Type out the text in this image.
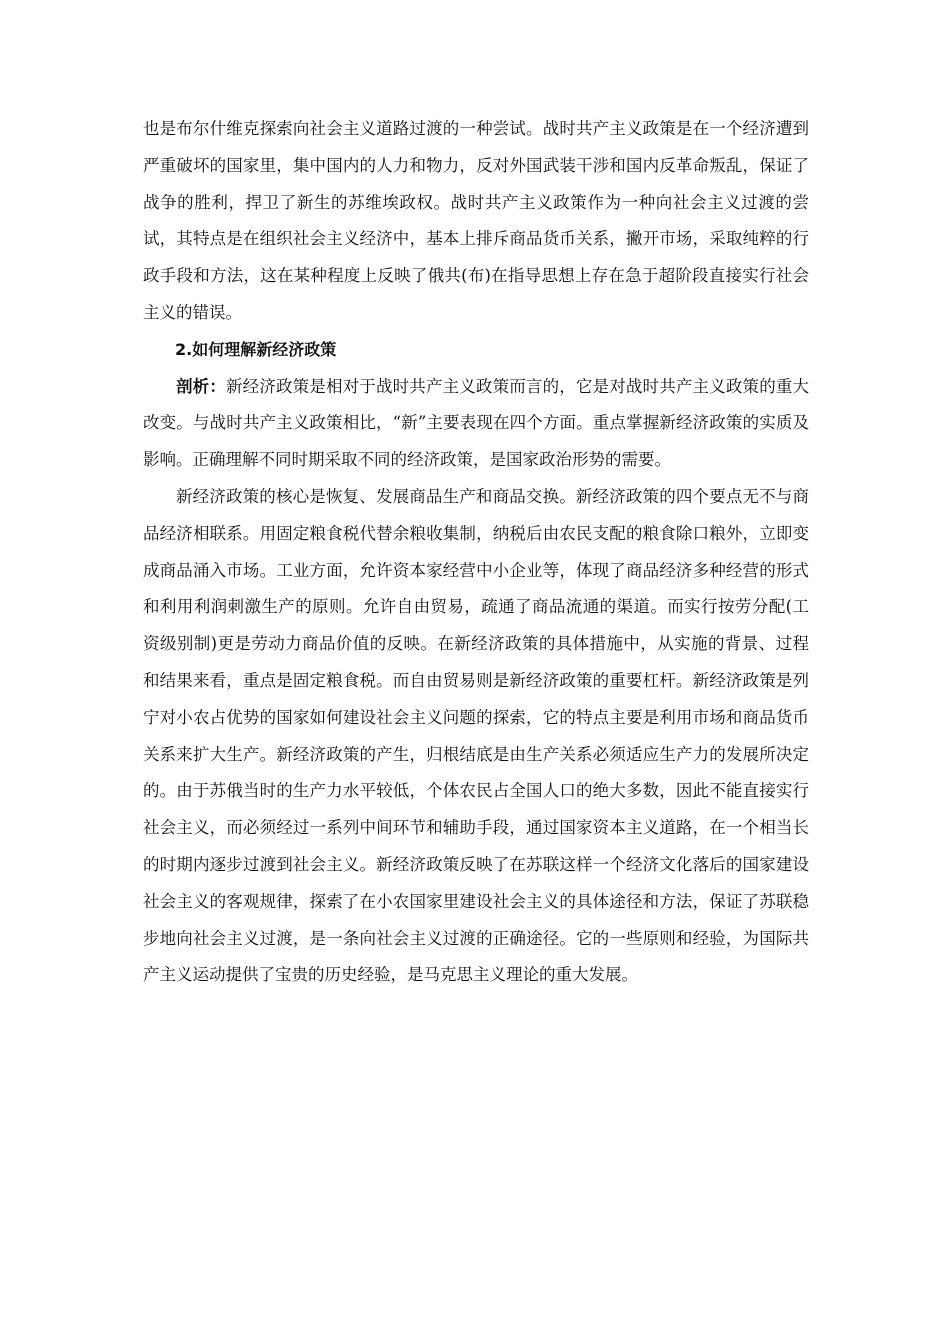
也是布尔什维克探索向社会主义道路过渡的一种尝试。战时共产主义政策是在一个经济遭到严重破坏的国家里，集中国内的人力和物力，反对外国武装干涉和国内反革命叛乱，保证了战争的胜利，捍卫了新生的苏维埃政权。战时共产主义政策作为一种向社会主义过渡的尝试，其特点是在组织社会主义经济中，基本上排斥商品货币关系，撇开市场，采取纯粹的行政手段和方法，这在某种程度上反映了俄共(布)在指导思想上存在急于超阶段直接实行社会主义的错误。

2.如何理解新经济政策

剖析：新经济政策是相对于战时共产主义政策而言的，它是对战时共产主义政策的重大改变。与战时共产主义政策相比，“新”主要表现在四个方面。重点掌握新经济政策的实质及影响。正确理解不同时期采取不同的经济政策，是国家政治形势的需要。

新经济政策的核心是恢复、发展商品生产和商品交换。新经济政策的四个要点无不与商品经济相联系。用固定粮食税代替余粮收集制，纳税后由农民支配的粮食除口粮外，立即变成商品涌入市场。工业方面，允许资本家经营中小企业等，体现了商品经济多种经营的形式和利用利润刺激生产的原则。允许自由贸易，疏通了商品流通的渠道。而实行按劳分配(工资级别制)更是劳动力商品价值的反映。在新经济政策的具体措施中，从实施的背景、过程和结果来看，重点是固定粮食税。而自由贸易则是新经济政策的重要杠杆。新经济政策是列宁对小农占优势的国家如何建设社会主义问题的探索，它的特点主要是利用市场和商品货币关系来扩大生产。新经济政策的产生，归根结底是由生产关系必须适应生产力的发展所决定的。由于苏俄当时的生产力水平较低，个体农民占全国人口的绝大多数，因此不能直接实行社会主义，而必须经过一系列中间环节和辅助手段，通过国家资本主义道路，在一个相当长的时期内逐步过渡到社会主义。新经济政策反映了在苏联这样一个经济文化落后的国家建设社会主义的客观规律，探索了在小农国家里建设社会主义的具体途径和方法，保证了苏联稳步地向社会主义过渡，是一条向社会主义过渡的正确途径。它的一些原则和经验，为国际共产主义运动提供了宝贵的历史经验，是马克思主义理论的重大发展。
